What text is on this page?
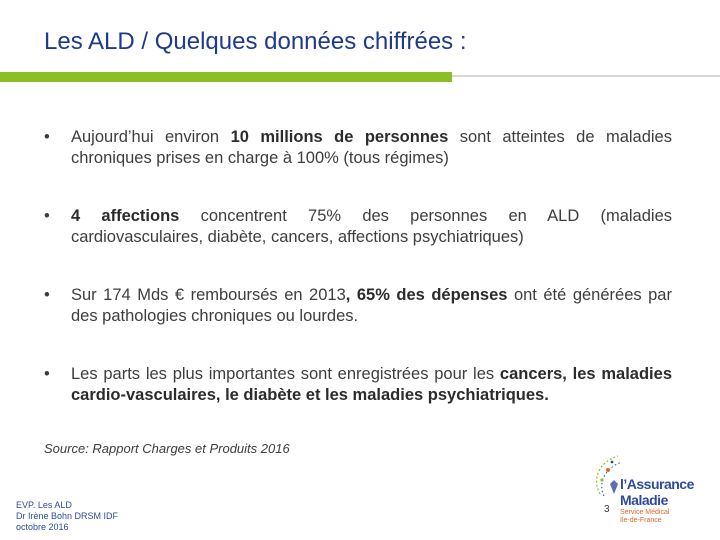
Les ALD / Quelques données chiffrées :
• Aujourd’hui environ 10 millions de personnes sont atteintes de maladies chroniques prises en charge à 100% (tous régimes)
• 4 affections concentrent 75% des personnes en ALD (maladies cardiovasculaires, diabète, cancers, affections psychiatriques)
• Sur 174 Mds € remboursés en 2013, 65% des dépenses ont été générées par des pathologies chroniques ou lourdes.
• Les parts les plus importantes sont enregistrées pour les cancers, les maladies cardio-vasculaires, le diabète et les maladies psychiatriques.
Source: Rapport Charges et Produits 2016
EVP. Les ALD
Dr Irène Bohn DRSM IDF
octobre 2016
l’Assurance
Maladie
Service Médical
Ile-de-France
3
